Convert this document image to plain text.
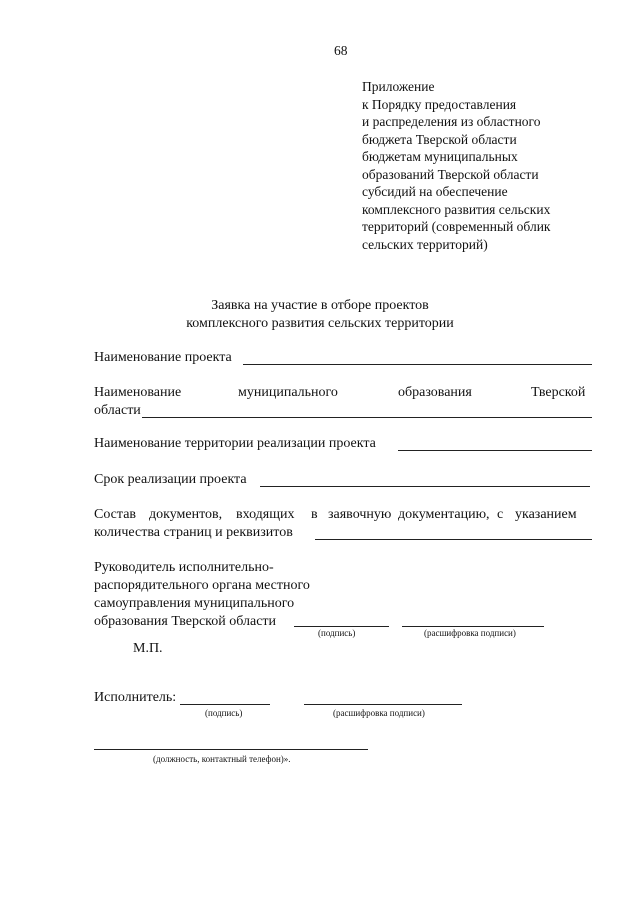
68
Приложение
к Порядку предоставления
и распределения из областного
бюджета Тверской области
бюджетам муниципальных
образований Тверской области
субсидий на обеспечение
комплексного развития сельских
территорий (современный облик
сельских территорий)
Заявка на участие в отборе проектов
комплексного развития сельских территории
Наименование проекта
Наименование	муниципального	образования	Тверской
области
Наименование территории реализации проекта
Срок реализации проекта
Состав документов, входящих в заявочную документацию, с указанием
количества страниц и реквизитов
Руководитель исполнительно-
распорядительного органа местного
самоуправления муниципального
образования Тверской области
(подпись)	(расшифровка подписи)
М.П.
Исполнитель:
(подпись)	(расшифровка подписи)
(должность, контактный телефон)».
